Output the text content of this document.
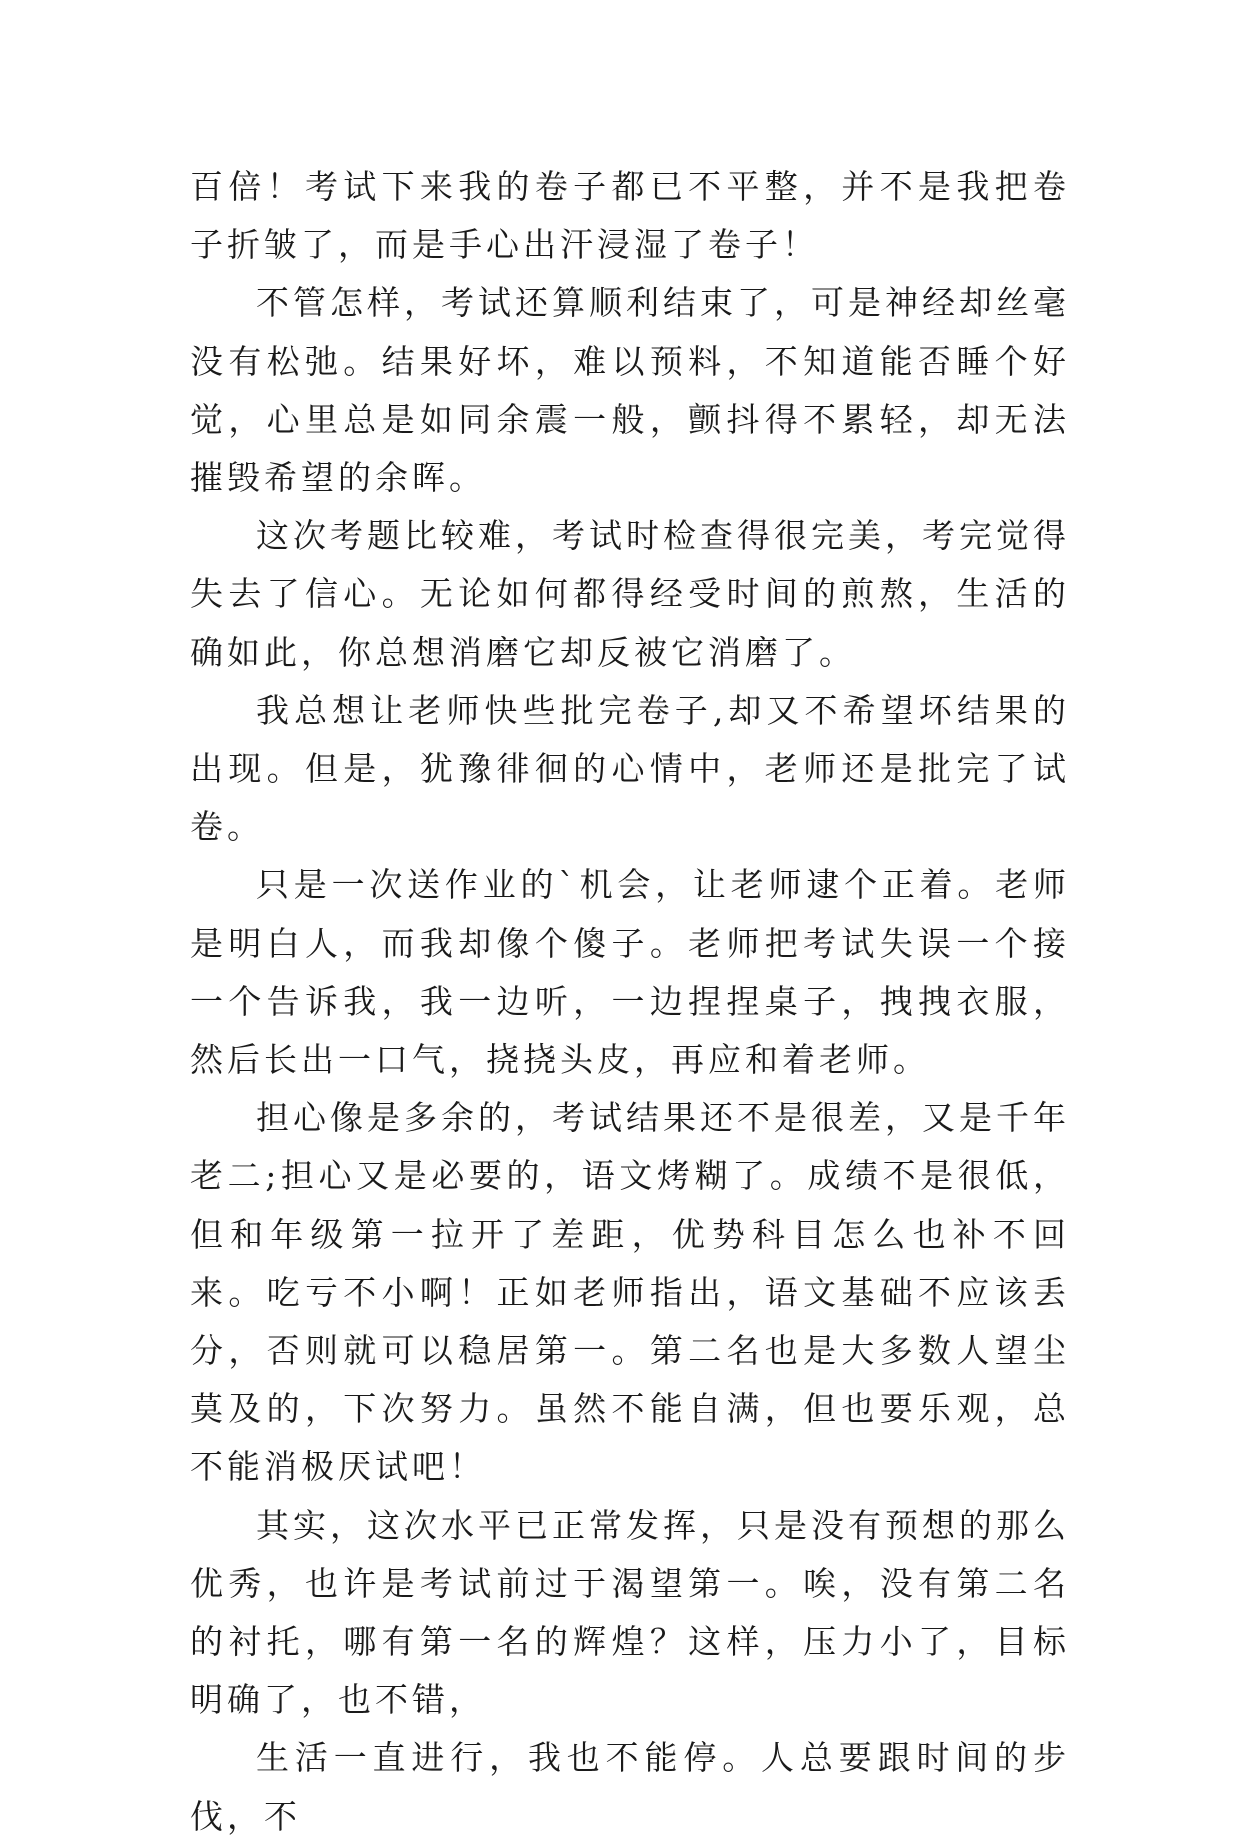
百倍！考试下来我的卷子都已不平整，并不是我把卷子折皱了，而是手心出汗浸湿了卷子！

不管怎样，考试还算顺利结束了，可是神经却丝毫没有松弛。结果好坏，难以预料，不知道能否睡个好觉，心里总是如同余震一般，颤抖得不累轻，却无法摧毁希望的余晖。

这次考题比较难，考试时检查得很完美，考完觉得失去了信心。无论如何都得经受时间的煎熬，生活的确如此，你总想消磨它却反被它消磨了。

我总想让老师快些批完卷子,却又不希望坏结果的出现。但是，犹豫徘徊的心情中，老师还是批完了试卷。

只是一次送作业的`机会，让老师逮个正着。老师是明白人，而我却像个傻子。老师把考试失误一个接一个告诉我，我一边听，一边捏捏桌子，拽拽衣服，然后长出一口气，挠挠头皮，再应和着老师。

担心像是多余的，考试结果还不是很差，又是千年老二;担心又是必要的，语文烤糊了。成绩不是很低，但和年级第一拉开了差距，优势科目怎么也补不回来。吃亏不小啊！正如老师指出，语文基础不应该丢分，否则就可以稳居第一。第二名也是大多数人望尘莫及的，下次努力。虽然不能自满，但也要乐观，总不能消极厌试吧！

其实，这次水平已正常发挥，只是没有预想的那么优秀，也许是考试前过于渴望第一。唉，没有第二名的衬托，哪有第一名的辉煌？这样，压力小了，目标明确了，也不错，

生活一直进行，我也不能停。人总要跟时间的步伐，不
